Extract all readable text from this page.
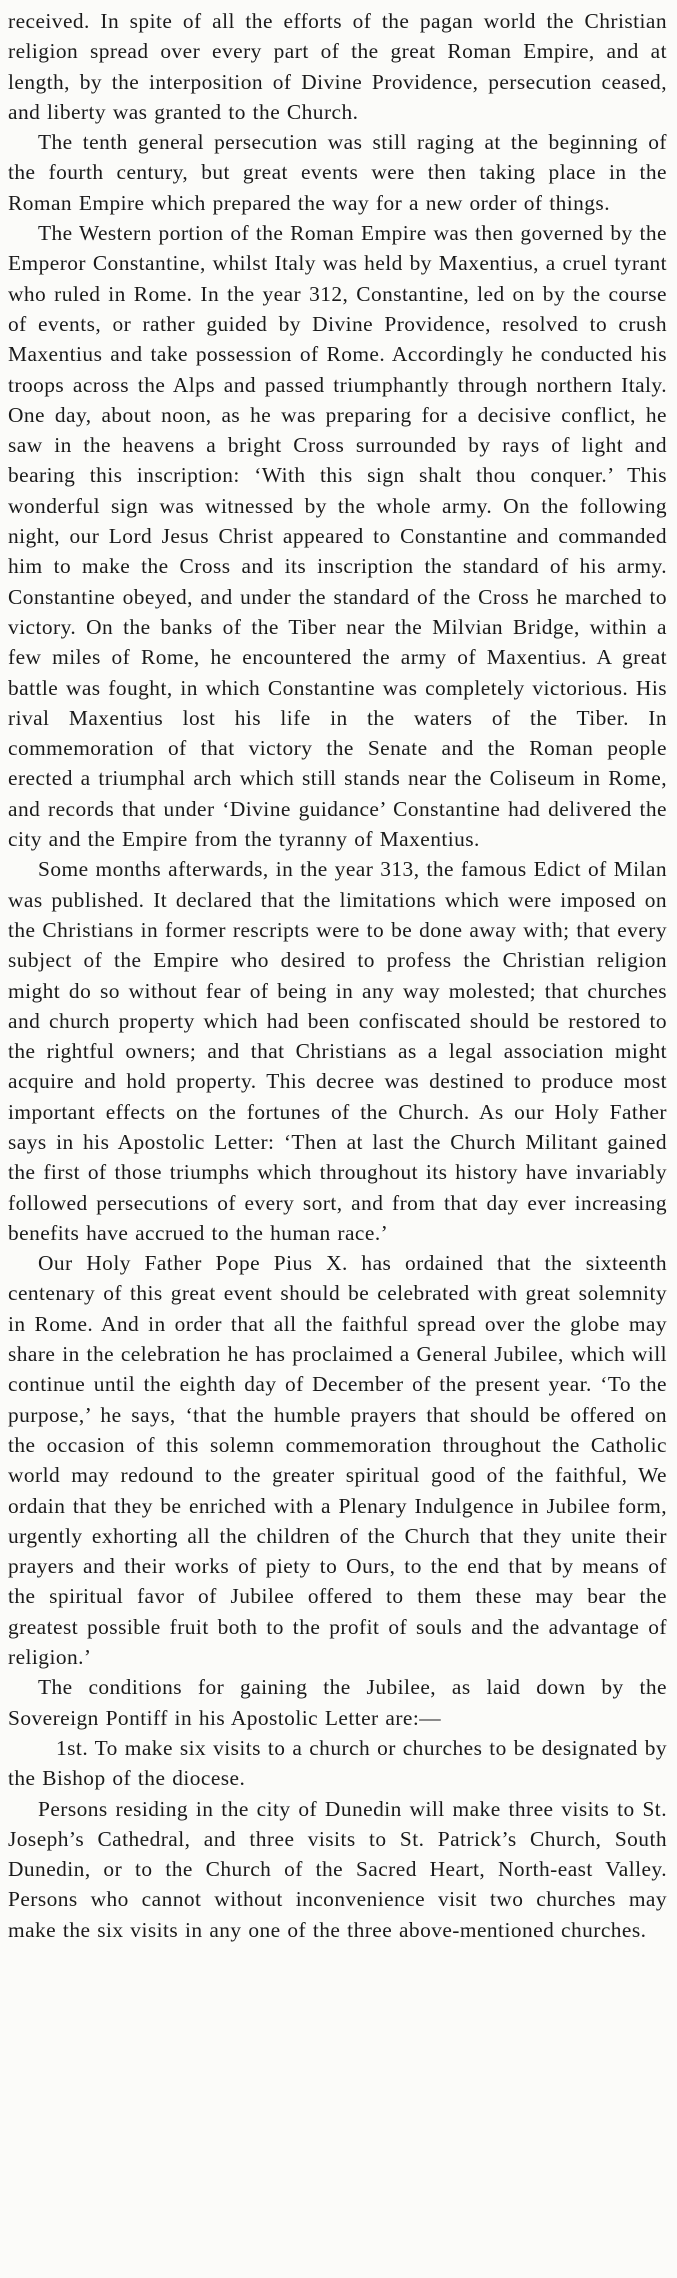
received. In spite of all the efforts of the pagan world the Christian religion spread over every part of the great Roman Empire, and at length, by the interposition of Divine Providence, persecution ceased, and liberty was granted to the Church.

The tenth general persecution was still raging at the beginning of the fourth century, but great events were then taking place in the Roman Empire which prepared the way for a new order of things.

The Western portion of the Roman Empire was then governed by the Emperor Constantine, whilst Italy was held by Maxentius, a cruel tyrant who ruled in Rome. In the year 312, Constantine, led on by the course of events, or rather guided by Divine Providence, resolved to crush Maxentius and take possession of Rome. Accordingly he conducted his troops across the Alps and passed triumphantly through northern Italy. One day, about noon, as he was preparing for a decisive conflict, he saw in the heavens a bright Cross surrounded by rays of light and bearing this inscription: ‘With this sign shalt thou conquer.’ This wonderful sign was witnessed by the whole army. On the following night, our Lord Jesus Christ appeared to Constantine and commanded him to make the Cross and its inscription the standard of his army. Constantine obeyed, and under the standard of the Cross he marched to victory. On the banks of the Tiber near the Milvian Bridge, within a few miles of Rome, he encountered the army of Maxentius. A great battle was fought, in which Constantine was completely victorious. His rival Maxentius lost his life in the waters of the Tiber. In commemoration of that victory the Senate and the Roman people erected a triumphal arch which still stands near the Coliseum in Rome, and records that under ‘Divine guidance’ Constantine had delivered the city and the Empire from the tyranny of Maxentius.

Some months afterwards, in the year 313, the famous Edict of Milan was published. It declared that the limitations which were imposed on the Christians in former rescripts were to be done away with; that every subject of the Empire who desired to profess the Christian religion might do so without fear of being in any way molested; that churches and church property which had been confiscated should be restored to the rightful owners; and that Christians as a legal association might acquire and hold property. This decree was destined to produce most important effects on the fortunes of the Church. As our Holy Father says in his Apostolic Letter: ‘Then at last the Church Militant gained the first of those triumphs which throughout its history have invariably followed persecutions of every sort, and from that day ever increasing benefits have accrued to the human race.’

Our Holy Father Pope Pius X. has ordained that the sixteenth centenary of this great event should be celebrated with great solemnity in Rome. And in order that all the faithful spread over the globe may share in the celebration he has proclaimed a General Jubilee, which will continue until the eighth day of December of the present year. ‘To the purpose,’ he says, ‘that the humble prayers that should be offered on the occasion of this solemn commemoration throughout the Catholic world may redound to the greater spiritual good of the faithful, We ordain that they be enriched with a Plenary Indulgence in Jubilee form, urgently exhorting all the children of the Church that they unite their prayers and their works of piety to Ours, to the end that by means of the spiritual favor of Jubilee offered to them these may bear the greatest possible fruit both to the profit of souls and the advantage of religion.’

The conditions for gaining the Jubilee, as laid down by the Sovereign Pontiff in his Apostolic Letter are:—

1st. To make six visits to a church or churches to be designated by the Bishop of the diocese.

Persons residing in the city of Dunedin will make three visits to St. Joseph’s Cathedral, and three visits to St. Patrick’s Church, South Dunedin, or to the Church of the Sacred Heart, North-east Valley. Persons who cannot without inconvenience visit two churches may make the six visits in any one of the three above-mentioned churches.
